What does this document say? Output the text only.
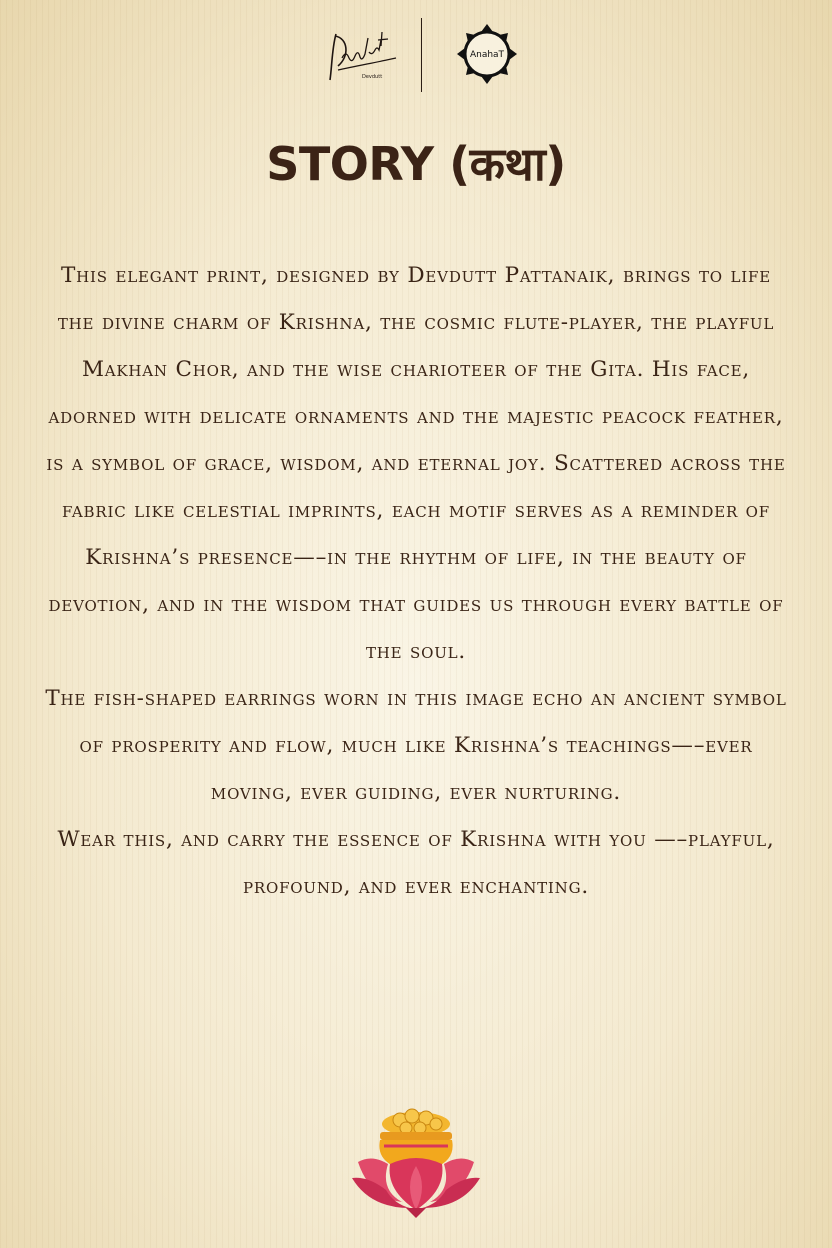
Devdutt
AnahaT
STORY (कथा)

This elegant print, designed by Devdutt Pattanaik, brings to life the divine charm of Krishna, the cosmic flute-player, the playful Makhan Chor, and the wise charioteer of the Gita. His face, adorned with delicate ornaments and the majestic peacock feather, is a symbol of grace, wisdom, and eternal joy. Scattered across the fabric like celestial imprints, each motif serves as a reminder of Krishna’s presence—–in the rhythm of life, in the beauty of devotion, and in the wisdom that guides us through every battle of the soul.

The fish-shaped earrings worn in this image echo an ancient symbol of prosperity and flow, much like Krishna’s teachings—–ever moving, ever guiding, ever nurturing.

Wear this, and carry the essence of Krishna with you —–playful, profound, and ever enchanting.
